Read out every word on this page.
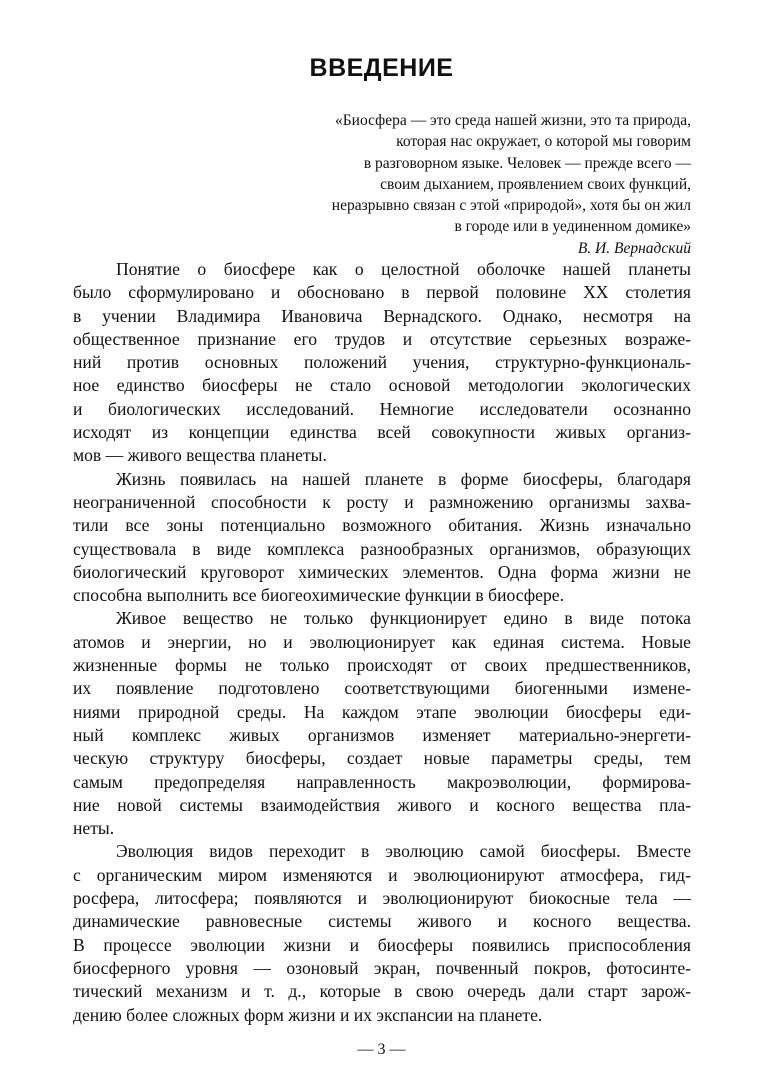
ВВЕДЕНИЕ
«Биосфера — это среда нашей жизни, это та природа,
которая нас окружает, о которой мы говорим
в разговорном языке. Человек — прежде всего —
своим дыханием, проявлением своих функций,
неразрывно связан с этой «природой», хотя бы он жил
в городе или в уединенном домике»
В. И. Вернадский

Понятие о биосфере как о целостной оболочке нашей планеты
было сформулировано и обосновано в первой половине XX столетия
в учении Владимира Ивановича Вернадского. Однако, несмотря на
общественное признание его трудов и отсутствие серьезных возраже-
ний против основных положений учения, структурно-функциональ-
ное единство биосферы не стало основой методологии экологических
и биологических исследований. Немногие исследователи осознанно
исходят из концепции единства всей совокупности живых организ-
мов — живого вещества планеты.

Жизнь появилась на нашей планете в форме биосферы, благодаря
неограниченной способности к росту и размножению организмы захва-
тили все зоны потенциально возможного обитания. Жизнь изначально
существовала в виде комплекса разнообразных организмов, образующих
биологический круговорот химических элементов. Одна форма жизни не
способна выполнить все биогеохимические функции в биосфере.

Живое вещество не только функционирует едино в виде потока
атомов и энергии, но и эволюционирует как единая система. Новые
жизненные формы не только происходят от своих предшественников,
их появление подготовлено соответствующими биогенными измене-
ниями природной среды. На каждом этапе эволюции биосферы еди-
ный комплекс живых организмов изменяет материально-энергети-
ческую структуру биосферы, создает новые параметры среды, тем
самым предопределяя направленность макроэволюции, формирова-
ние новой системы взаимодействия живого и косного вещества пла-
неты.

Эволюция видов переходит в эволюцию самой биосферы. Вместе
с органическим миром изменяются и эволюционируют атмосфера, гид-
росфера, литосфера; появляются и эволюционируют биокосные тела —
динамические равновесные системы живого и косного вещества.
В процессе эволюции жизни и биосферы появились приспособления
биосферного уровня — озоновый экран, почвенный покров, фотосинте-
тический механизм и т. д., которые в свою очередь дали старт зарож-
дению более сложных форм жизни и их экспансии на планете.

— 3 —
